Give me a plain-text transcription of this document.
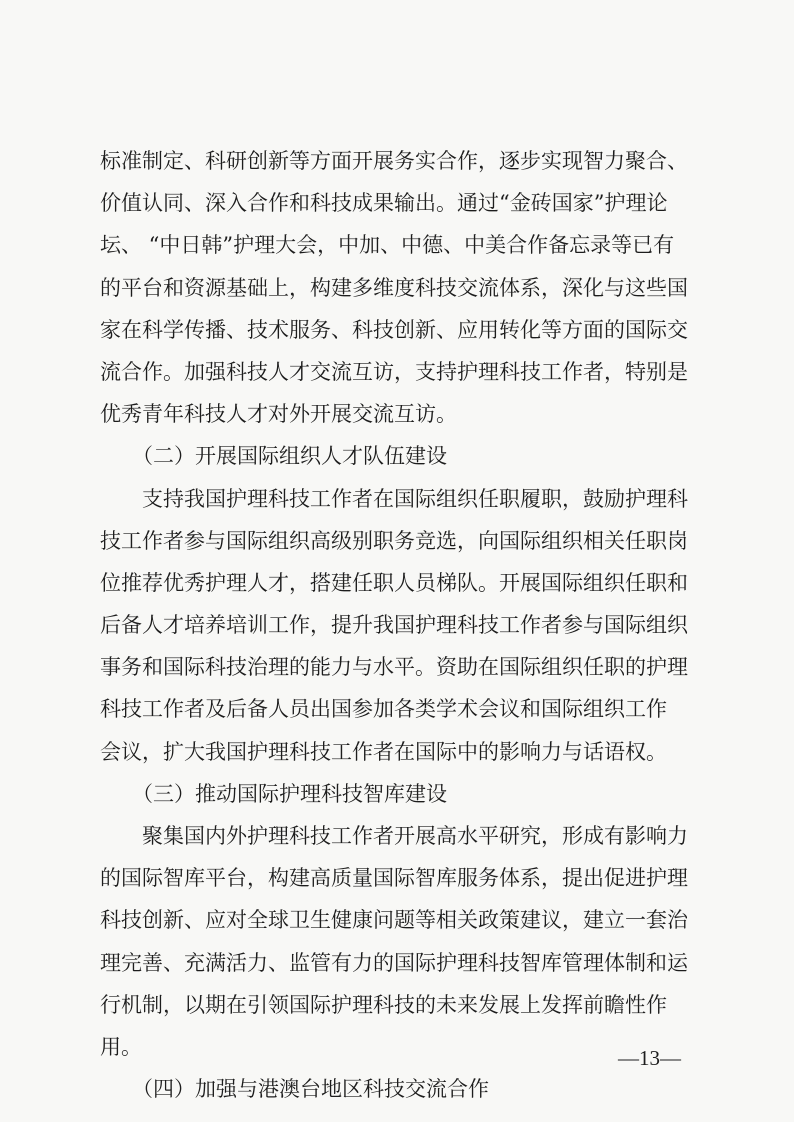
标准制定、科研创新等方面开展务实合作，逐步实现智力聚合、
价值认同、深入合作和科技成果输出。通过“金砖国家”护理论
坛、 “中日韩”护理大会，中加、中德、中美合作备忘录等已有
的平台和资源基础上，构建多维度科技交流体系，深化与这些国
家在科学传播、技术服务、科技创新、应用转化等方面的国际交
流合作。加强科技人才交流互访，支持护理科技工作者，特别是
优秀青年科技人才对外开展交流互访。
（二）开展国际组织人才队伍建设
支持我国护理科技工作者在国际组织任职履职，鼓励护理科
技工作者参与国际组织高级别职务竞选，向国际组织相关任职岗
位推荐优秀护理人才，搭建任职人员梯队。开展国际组织任职和
后备人才培养培训工作，提升我国护理科技工作者参与国际组织
事务和国际科技治理的能力与水平。资助在国际组织任职的护理
科技工作者及后备人员出国参加各类学术会议和国际组织工作
会议，扩大我国护理科技工作者在国际中的影响力与话语权。
（三）推动国际护理科技智库建设
聚集国内外护理科技工作者开展高水平研究，形成有影响力
的国际智库平台，构建高质量国际智库服务体系，提出促进护理
科技创新、应对全球卫生健康问题等相关政策建议，建立一套治
理完善、充满活力、监管有力的国际护理科技智库管理体制和运
行机制，以期在引领国际护理科技的未来发展上发挥前瞻性作
用。
（四）加强与港澳台地区科技交流合作
—13—
